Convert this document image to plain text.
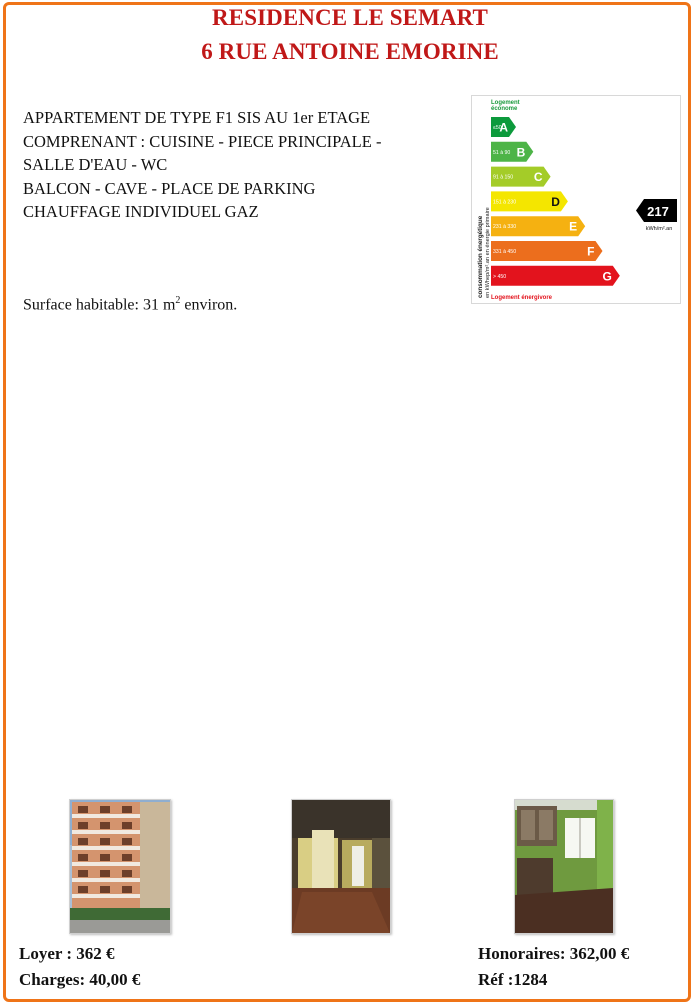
RESIDENCE LE SEMART
6 RUE ANTOINE EMORINE
APPARTEMENT DE TYPE F1 SIS AU 1er ETAGE
COMPRENANT : CUISINE - PIECE PRINCIPALE -
SALLE D'EAU - WC
BALCON - CAVE - PLACE DE PARKING
CHAUFFAGE INDIVIDUEL GAZ
Surface habitable: 31 $m^2$ environ.
Logement
économe
consommation énergétique en kWhep/m².an en énergie primaire
≤50
A
51 à 90 B
91 à 150 C
151 à 230	D
231 à 330	E
331 à 450	F
> 450	G
Logement énergivore
217
kWh/m².an
Loyer : 362 €
Charges: 40,00 €
Honoraires: 362,00 €
Réf :1284
